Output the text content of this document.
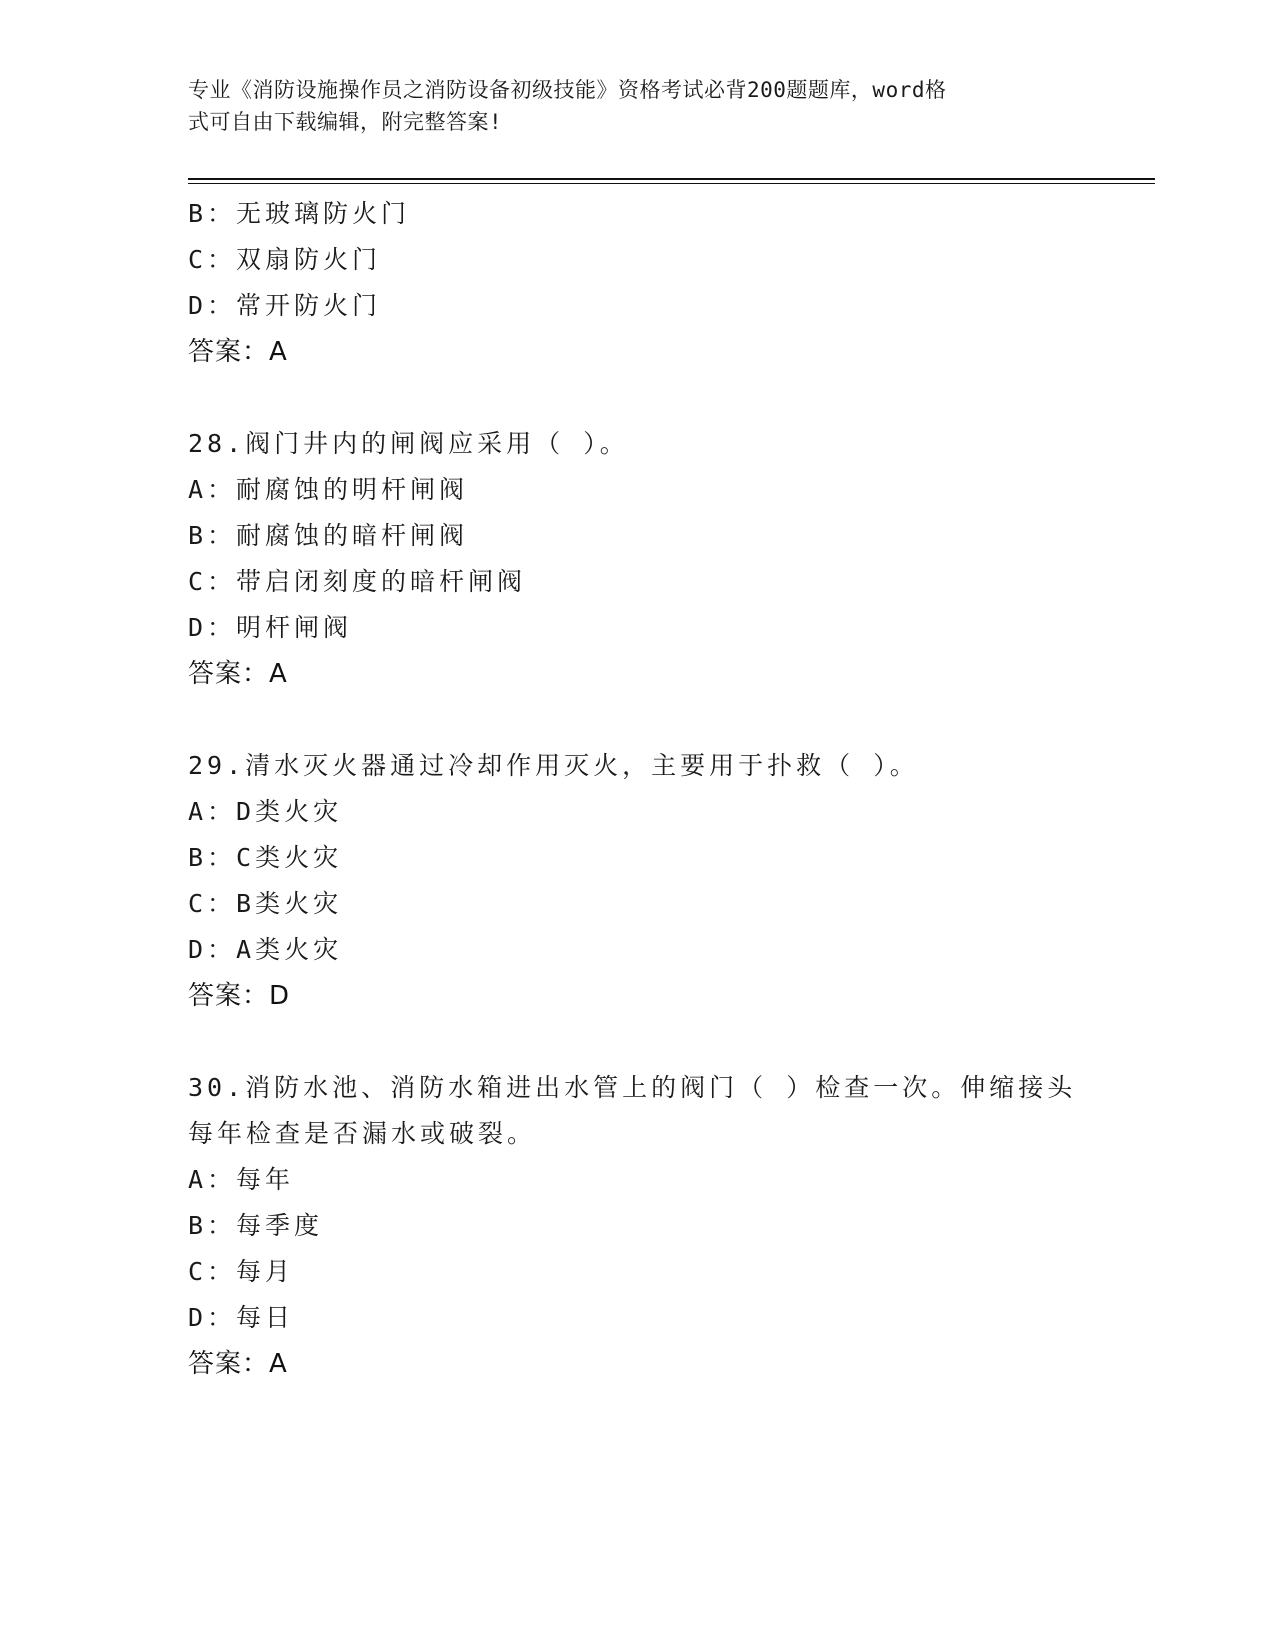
专业《消防设施操作员之消防设备初级技能》资格考试必背200题题库，word格
式可自由下载编辑，附完整答案!
B：无玻璃防火门
C：双扇防火门
D：常开防火门
答案：A
28.阀门井内的闸阀应采用（ ）。
A：耐腐蚀的明杆闸阀
B：耐腐蚀的暗杆闸阀
C：带启闭刻度的暗杆闸阀
D：明杆闸阀
答案：A
29.清水灭火器通过冷却作用灭火，主要用于扑救（ ）。
A：D类火灾
B：C类火灾
C：B类火灾
D：A类火灾
答案：D
30.消防水池、消防水箱进出水管上的阀门（ ）检查一次。伸缩接头
每年检查是否漏水或破裂。
A：每年
B：每季度
C：每月
D：每日
答案：A
